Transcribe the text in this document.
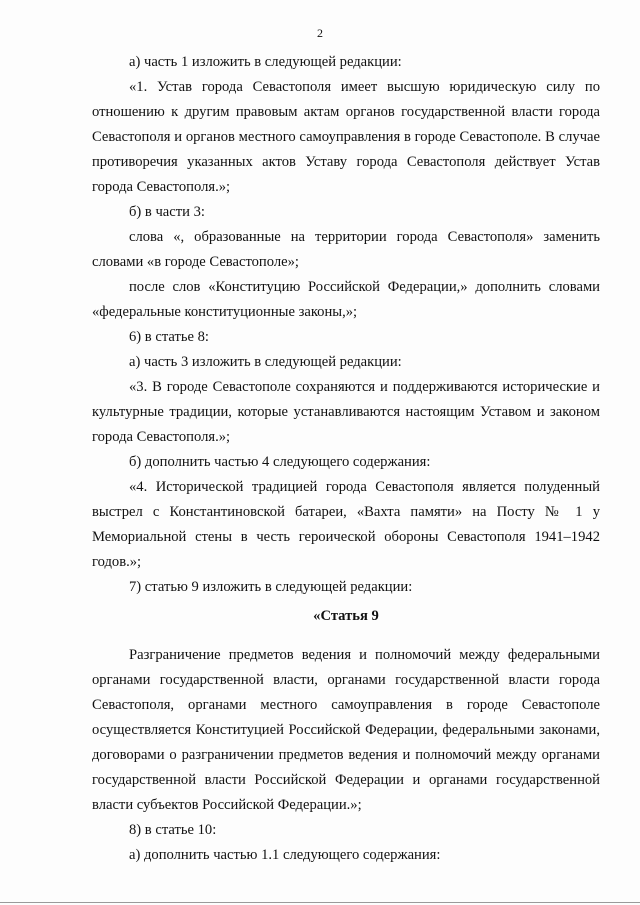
2

а) часть 1 изложить в следующей редакции:

«1. Устав города Севастополя имеет высшую юридическую силу по отношению к другим правовым актам органов государственной власти города Севастополя и органов местного самоуправления в городе Севастополе. В случае противоречия указанных актов Уставу города Севастополя действует Устав города Севастополя.»;

б) в части 3:

слова «, образованные на территории города Севастополя» заменить словами «в городе Севастополе»;

после слов «Конституцию Российской Федерации,» дополнить словами «федеральные конституционные законы,»;

6) в статье 8:

а) часть 3 изложить в следующей редакции:

«3. В городе Севастополе сохраняются и поддерживаются исторические и культурные традиции, которые устанавливаются настоящим Уставом и законом города Севастополя.»;

б) дополнить частью 4 следующего содержания:

«4. Исторической традицией города Севастополя является полуденный выстрел с Константиновской батареи, «Вахта памяти» на Посту № 1 у Мемориальной стены в честь героической обороны Севастополя 1941–1942 годов.»;

7) статью 9 изложить в следующей редакции:

«Статья 9

Разграничение предметов ведения и полномочий между федеральными органами государственной власти, органами государственной власти города Севастополя, органами местного самоуправления в городе Севастополе осуществляется Конституцией Российской Федерации, федеральными законами, договорами о разграничении предметов ведения и полномочий между органами государственной власти Российской Федерации и органами государственной власти субъектов Российской Федерации.»;

8) в статье 10:

а) дополнить частью 1.1 следующего содержания:
